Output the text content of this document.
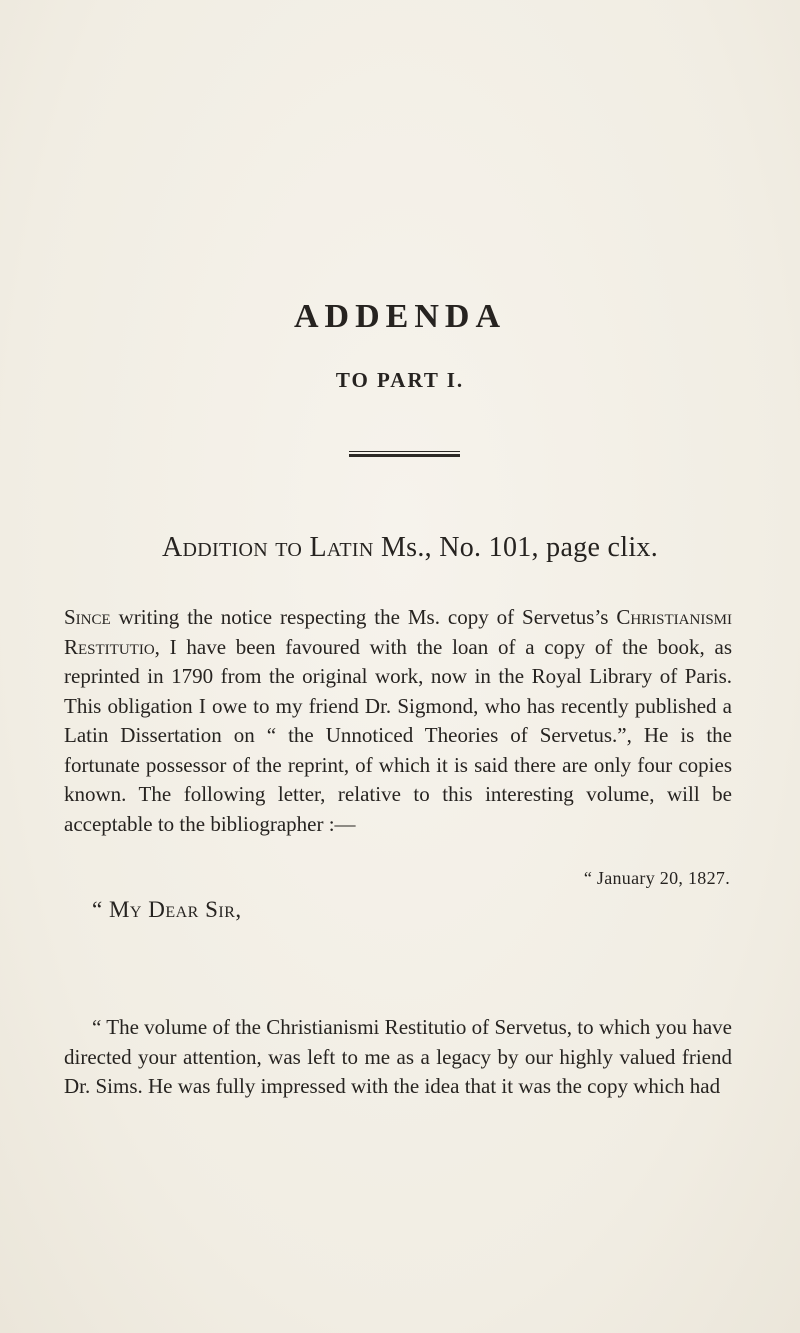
ADDENDA
TO PART I.
Addition to Latin Ms., No. 101, page clix.

Since writing the notice respecting the Ms. copy of Servetus’s Christianismi Restitutio, I have been favoured with the loan of a copy of the book, as reprinted in 1790 from the original work, now in the Royal Library of Paris. This obligation I owe to my friend Dr. Sigmond, who has recently published a Latin Dissertation on “ the Unnoticed Theories of Servetus.”, He is the fortunate possessor of the reprint, of which it is said there are only four copies known. The following letter, relative to this interesting volume, will be acceptable to the bibliographer :—

“ January 20, 1827.
“ My Dear Sir,

“ The volume of the Christianismi Restitutio of Servetus, to which you have directed your attention, was left to me as a legacy by our highly valued friend Dr. Sims. He was fully impressed with the idea that it was the copy which had
